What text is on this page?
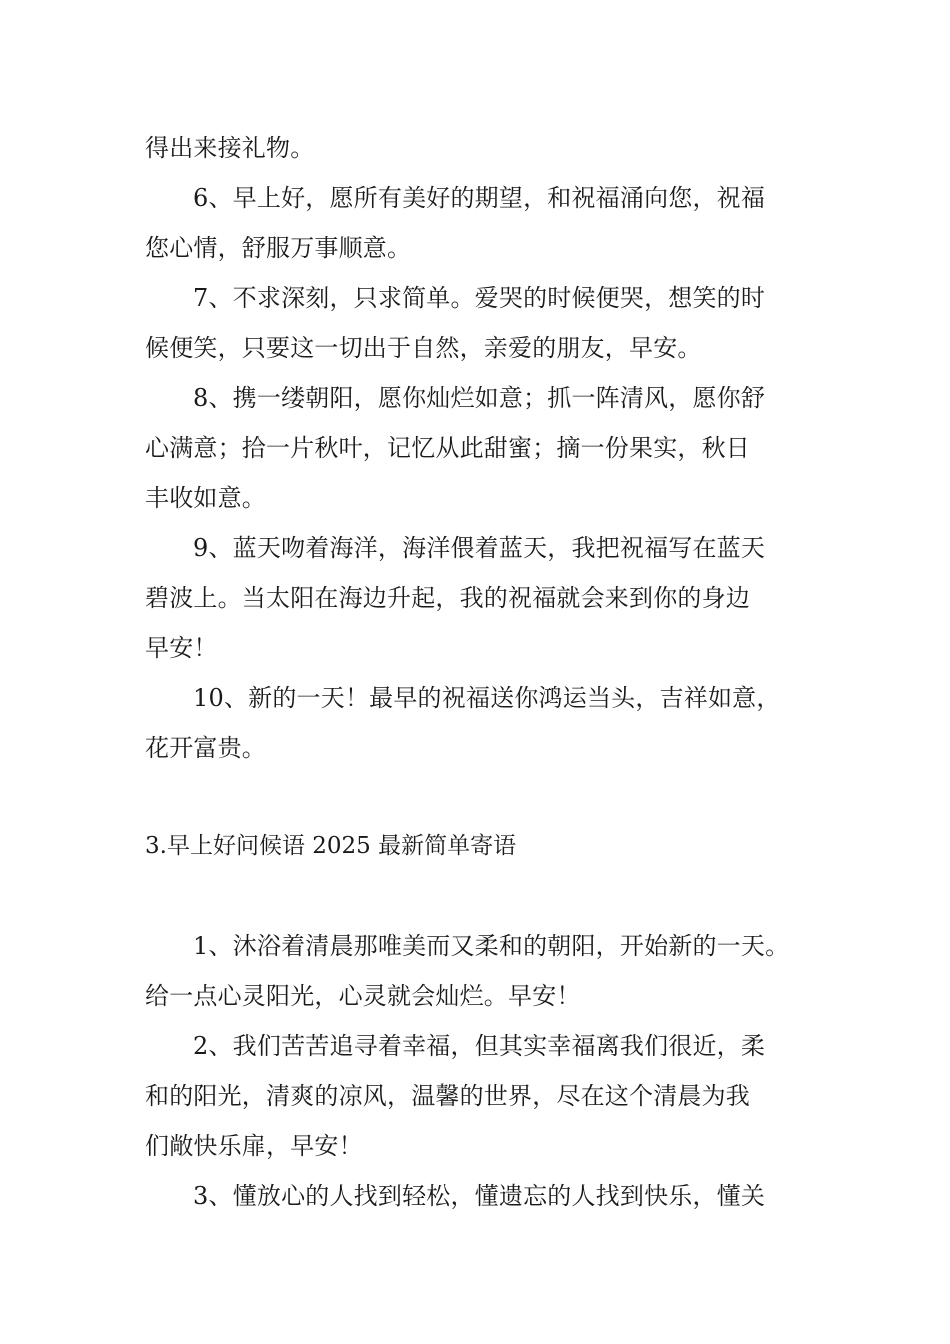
得出来接礼物。
6、早上好，愿所有美好的期望，和祝福涌向您，祝福
您心情，舒服万事顺意。
7、不求深刻，只求简单。爱哭的时候便哭，想笑的时
候便笑，只要这一切出于自然，亲爱的朋友，早安。
8、携一缕朝阳，愿你灿烂如意；抓一阵清风，愿你舒
心满意；拾一片秋叶，记忆从此甜蜜；摘一份果实，秋日
丰收如意。
9、蓝天吻着海洋，海洋偎着蓝天，我把祝福写在蓝天
碧波上。当太阳在海边升起，我的祝福就会来到你的身边
早安！
10、新的一天！最早的祝福送你鸿运当头，吉祥如意，
花开富贵。
3.早上好问候语 2025 最新简单寄语
1、沐浴着清晨那唯美而又柔和的朝阳，开始新的一天。
给一点心灵阳光，心灵就会灿烂。早安！
2、我们苦苦追寻着幸福，但其实幸福离我们很近，柔
和的阳光，清爽的凉风，温馨的世界，尽在这个清晨为我
们敞快乐扉，早安！
3、懂放心的人找到轻松，懂遗忘的人找到快乐，懂关
